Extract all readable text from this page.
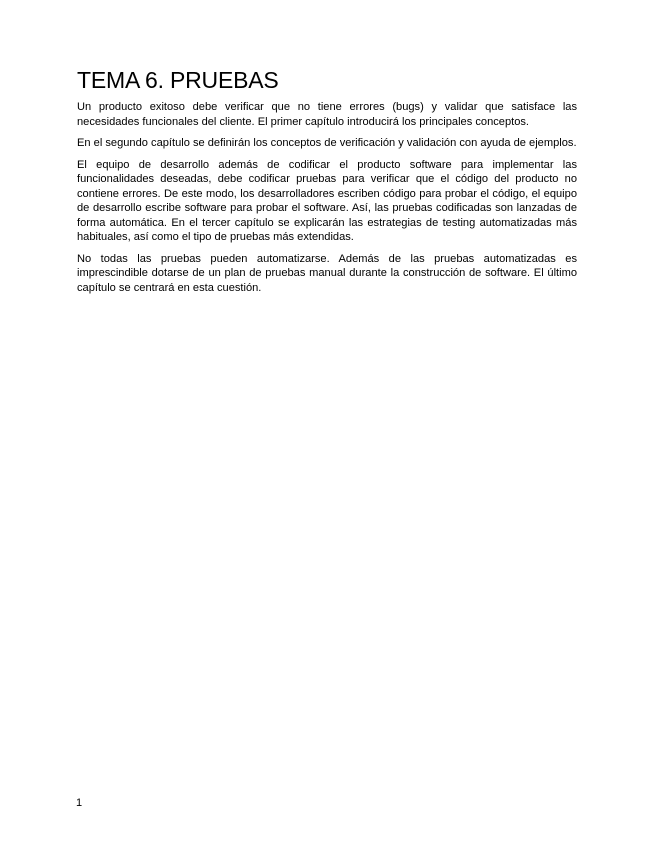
TEMA 6. PRUEBAS

Un producto exitoso debe verificar que no tiene errores (bugs) y validar que satisface las necesidades funcionales del cliente. El primer capítulo introducirá los principales conceptos.

En el segundo capítulo se definirán los conceptos de verificación y validación con ayuda de ejemplos.

El equipo de desarrollo además de codificar el producto software para implementar las funcionalidades deseadas, debe codificar pruebas para verificar que el código del producto no contiene errores. De este modo, los desarrolladores escriben código para probar el código, el equipo de desarrollo escribe software para probar el software. Así, las pruebas codificadas son lanzadas de forma automática. En el tercer capítulo se explicarán las estrategias de testing automatizadas más habituales, así como el tipo de pruebas más extendidas.

No todas las pruebas pueden automatizarse. Además de las pruebas automatizadas es imprescindible dotarse de un plan de pruebas manual durante la construcción de software. El último capítulo se centrará en esta cuestión.

1
